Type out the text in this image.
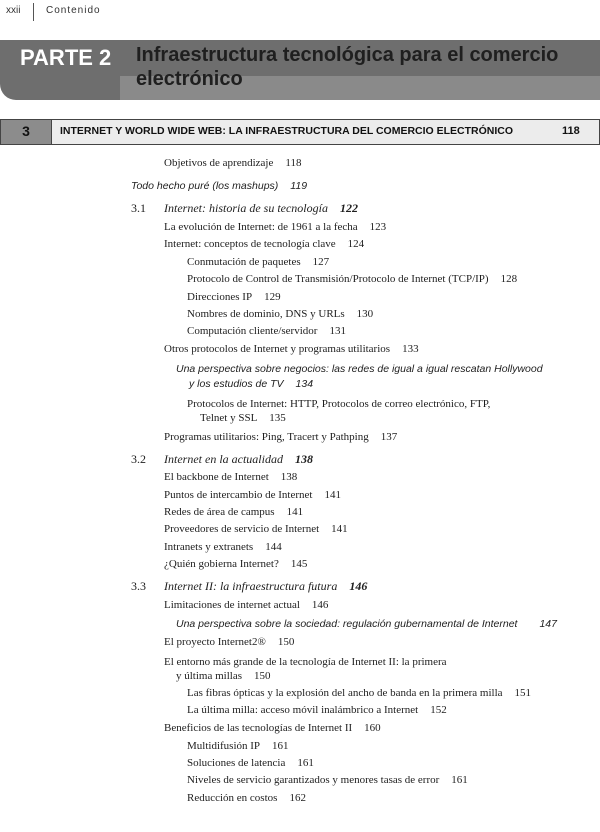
xxii	Contenido
PARTE 2 Infraestructura tecnológica para el comercio electrónico
3	INTERNET Y WORLD WIDE WEB: LA INFRAESTRUCTURA DEL COMERCIO ELECTRÓNICO	118
Objetivos de aprendizaje 118
Todo hecho puré (los mashups) 119
3.1 Internet: historia de su tecnología 122
La evolución de Internet: de 1961 a la fecha 123
Internet: conceptos de tecnología clave 124
Conmutación de paquetes 127
Protocolo de Control de Transmisión/Protocolo de Internet (TCP/IP) 128
Direcciones IP 129
Nombres de dominio, DNS y URLs 130
Computación cliente/servidor 131
Otros protocolos de Internet y programas utilitarios 133
Una perspectiva sobre negocios: las redes de igual a igual rescatan Hollywood
y los estudios de TV 134
Protocolos de Internet: HTTP, Protocolos de correo electrónico, FTP,
Telnet y SSL 135
Programas utilitarios: Ping, Tracert y Pathping 137
3.2 Internet en la actualidad 138
El backbone de Internet 138
Puntos de intercambio de Internet 141
Redes de área de campus 141
Proveedores de servicio de Internet 141
Intranets y extranets 144
¿Quién gobierna Internet? 145
3.3 Internet II: la infraestructura futura 146
Limitaciones de internet actual 146
Una perspectiva sobre la sociedad: regulación gubernamental de Internet 147
El proyecto Internet2® 150
El entorno más grande de la tecnología de Internet II: la primera
y última millas 150
Las fibras ópticas y la explosión del ancho de banda en la primera milla 151
La última milla: acceso móvil inalámbrico a Internet 152
Beneficios de las tecnologías de Internet II 160
Multidifusión IP 161
Soluciones de latencia 161
Niveles de servicio garantizados y menores tasas de error 161
Reducción en costos 162
